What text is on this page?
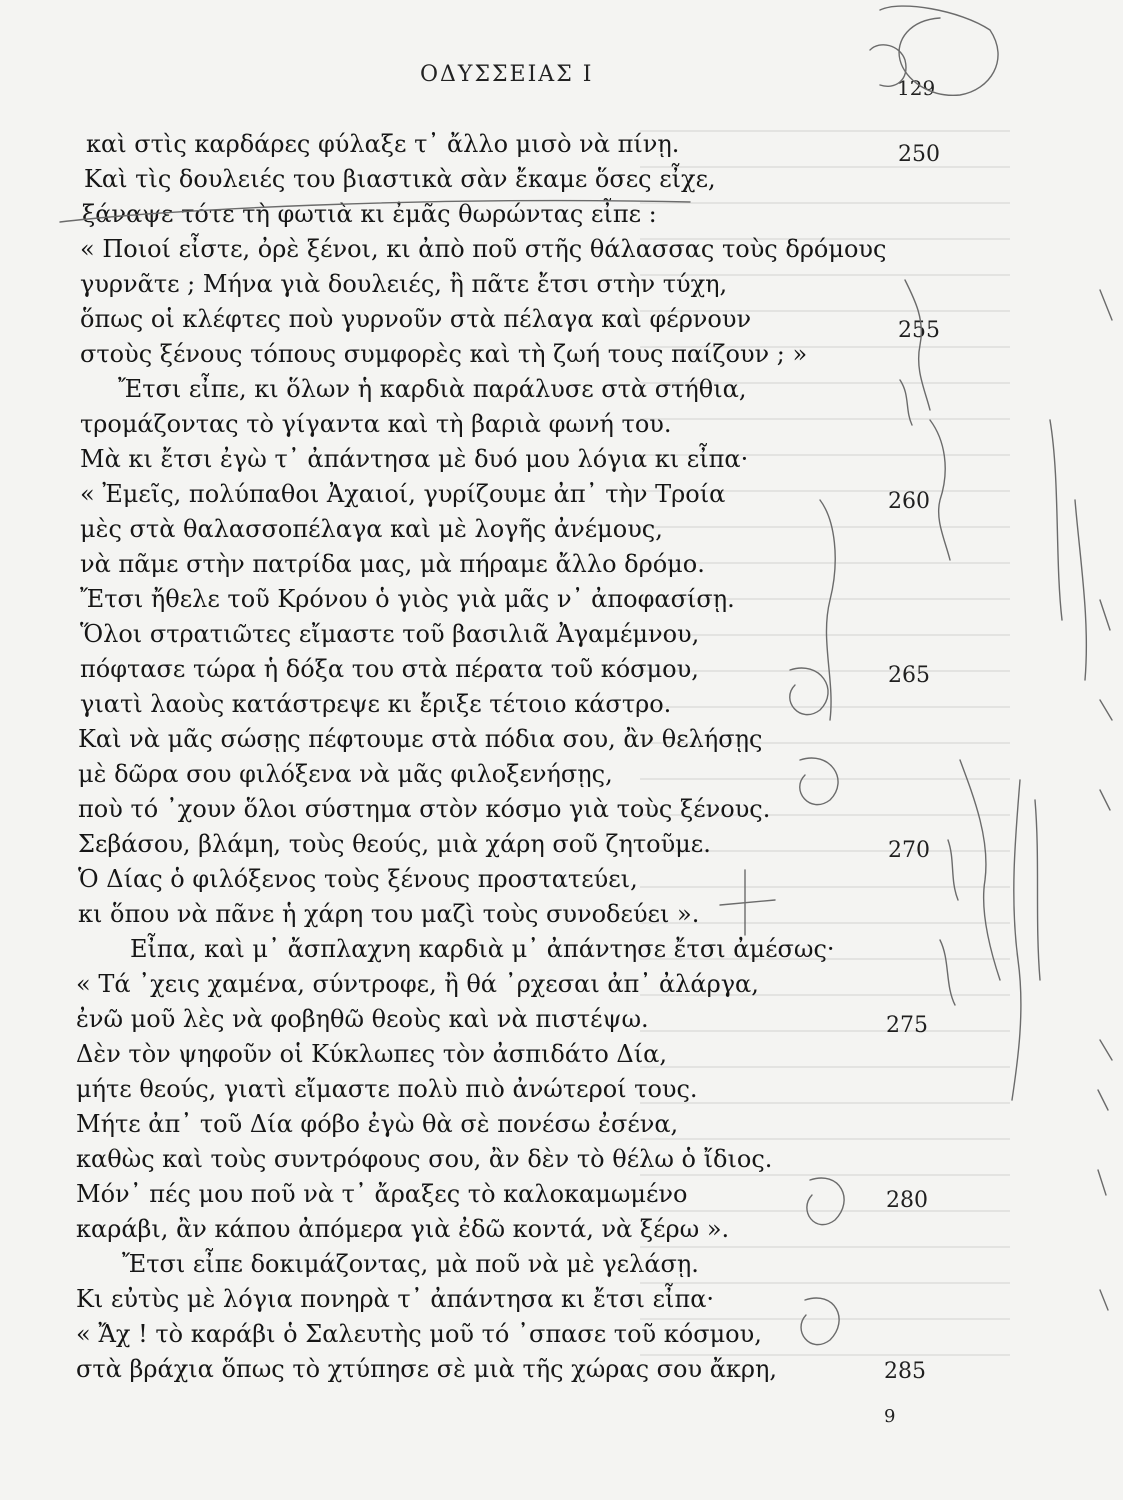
ΟΔΥΣΣΕΙΑΣ Ι
129
καὶ στὶς καρδάρες φύλαξε τ᾽ ἄλλο μισὸ νὰ πίνῃ.
Καὶ τὶς δουλειές του βιαστικὰ σὰν ἔκαμε ὅσες εἶχε,
ξάναψε τότε τὴ φωτιὰ κι ἐμᾶς θωρώντας εἶπε :
« Ποιοί εἶστε, ὀρὲ ξένοι, κι ἀπὸ ποῦ στῆς θάλασσας τοὺς δρόμους
γυρνᾶτε ; Μήνα γιὰ δουλειές, ἢ πᾶτε ἔτσι στὴν τύχη,
ὅπως οἱ κλέφτες ποὺ γυρνοῦν στὰ πέλαγα καὶ φέρνουν
στοὺς ξένους τόπους συμφορὲς καὶ τὴ ζωή τους παίζουν ; »
Ἔτσι εἶπε, κι ὅλων ἡ καρδιὰ παράλυσε στὰ στήθια,
τρομάζοντας τὸ γίγαντα καὶ τὴ βαριὰ φωνή του.
Μὰ κι ἔτσι ἐγὼ τ᾽ ἀπάντησα μὲ δυό μου λόγια κι εἶπα·
« Ἐμεῖς, πολύπαθοι Ἀχαιοί, γυρίζουμε ἀπ᾽ τὴν Τροία
μὲς στὰ θαλασσοπέλαγα καὶ μὲ λογῆς ἀνέμους,
νὰ πᾶμε στὴν πατρίδα μας, μὰ πήραμε ἄλλο δρόμο.
Ἔτσι ἤθελε τοῦ Κρόνου ὁ γιὸς γιὰ μᾶς ν᾽ ἀποφασίσῃ.
Ὅλοι στρατιῶτες εἴμαστε τοῦ βασιλιᾶ Ἀγαμέμνου,
πόφτασε τώρα ἡ δόξα του στὰ πέρατα τοῦ κόσμου,
γιατὶ λαοὺς κατάστρεψε κι ἔριξε τέτοιο κάστρο.
Καὶ νὰ μᾶς σώσῃς πέφτουμε στὰ πόδια σου, ἂν θελήσῃς
μὲ δῶρα σου φιλόξενα νὰ μᾶς φιλοξενήσῃς,
ποὺ τό ᾽χουν ὅλοι σύστημα στὸν κόσμο γιὰ τοὺς ξένους.
Σεβάσου, βλάμη, τοὺς θεούς, μιὰ χάρη σοῦ ζητοῦμε.
Ὁ Δίας ὁ φιλόξενος τοὺς ξένους προστατεύει,
κι ὅπου νὰ πᾶνε ἡ χάρη του μαζὶ τοὺς συνοδεύει ».
Εἶπα, καὶ μ᾽ ἄσπλαχνη καρδιὰ μ᾽ ἀπάντησε ἔτσι ἀμέσως·
« Τά ᾽χεις χαμένα, σύντροφε, ἢ θά ᾽ρχεσαι ἀπ᾽ ἀλάργα,
ἐνῶ μοῦ λὲς νὰ φοβηθῶ θεοὺς καὶ νὰ πιστέψω.
Δὲν τὸν ψηφοῦν οἱ Κύκλωπες τὸν ἀσπιδάτο Δία,
μήτε θεούς, γιατὶ εἴμαστε πολὺ πιὸ ἀνώτεροί τους.
Μήτε ἀπ᾽ τοῦ Δία φόβο ἐγὼ θὰ σὲ πονέσω ἐσένα,
καθὼς καὶ τοὺς συντρόφους σου, ἂν δὲν τὸ θέλω ὁ ἴδιος.
Μόν᾽ πές μου ποῦ νὰ τ᾽ ἄραξες τὸ καλοκαμωμένο
καράβι, ἂν κάπου ἀπόμερα γιὰ ἐδῶ κοντά, νὰ ξέρω ».
Ἔτσι εἶπε δοκιμάζοντας, μὰ ποῦ νὰ μὲ γελάσῃ.
Κι εὐτὺς μὲ λόγια πονηρὰ τ᾽ ἀπάντησα κι ἔτσι εἶπα·
« Ἄχ ! τὸ καράβι ὁ Σαλευτὴς μοῦ τό ᾽σπασε τοῦ κόσμου,
στὰ βράχια ὅπως τὸ χτύπησε σὲ μιὰ τῆς χώρας σου ἄκρη,
250
255
260
265
270
275
280
285
9
